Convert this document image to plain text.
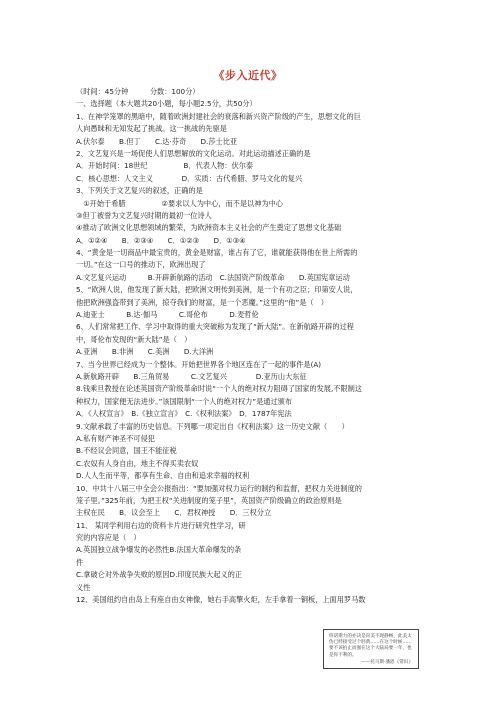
《步入近代》
（时间：45分钟　　　分数：100分）
一、选择题（本大题共20小题，每小题2.5分，共50分）
1、在神学笼罩的黑暗中，随着欧洲封建社会的衰落和新兴资产阶级的产生，思想文化的巨
人向愚昧和无知发起了挑战。这一挑战的先驱是
A.伏尔泰　　B.但丁　　C.达·芬奇　　D.莎士比亚
2、文艺复兴是一场促使人们思想解放的文化运动。对此运动描述正确的是
A．开始时间：18世纪　　　　　B．代表人物：伏尔泰
C．核心思想：人文主义　　　　D．实质：古代希腊、罗马文化的复兴
3、下列关于文艺复兴的叙述，正确的是
　①开始于希腊　　　　　②要求以人为中心，而不是以神为中心
③但丁被誉为文艺复兴时期的最初一位诗人
④推动了欧洲文化思想领域的繁荣，为欧洲资本主义社会的产生奠定了思想文化基础
A．①②④　　B．②③④　　C．①②③　　D．①③④
4、“黄金是一切商品中最宝贵的，黄金是财富，谁占有了它，谁就能获得他在世上所需的
一切。”在这一口号的推动下，欧洲出现了
A.文艺复兴运动　　　B.开辟新航路的活动　C.法国资产阶级革命　　D.英国宪章运动
5、“欧洲人说，他发现了新大陆，把欧洲文明传到美洲，是一个有功之臣；印第安人说，
他把欧洲强盗带到了美洲，掠夺我们的财富，是一个恶魔。”这里的“他”是（　）
A.迪亚士　　　B.达·伽马　　　C.哥伦布　　　D.麦哲伦
6、人们常常把工作、学习中取得的重大突破称为发现了“新大陆”。在新航路开辟的过程
中，哥伦布发现的“新大陆”是（　）
A.亚洲　　B.非洲　　C.美洲　　D.大洋洲
7、当今世界已经成为一个整体。开始把世界各个地区连在了一起的事件是(A)
A.新航路开辟　　B.三角贸易　　　C.文艺复兴　　　　D.亚历山大东征
8.钱乘旦教授在论述英国资产阶级革命时说“一个人的绝对权力阻碍了国家的发展,不限制这
种权力，国家便无法进步。”该国限制“一个人的绝对权力”是通过颁布
A．《人权宣言》　B.《独立宣言》　C.《权利法案》　D．1787年宪法
9.文献承载了丰富的历史信息。下列哪一项定出自《权利法案》这一历史文献（　　）
A.私有财产神圣不可侵犯
B.不经议会同意，国王不能征税
C.农奴有人身自由，地主不得买卖农奴
D.人人生而平等，都享有生命、自由和追求幸福的权利
10、中共十八届三中全会公报指出：“要加强对权力运行的制约和监督，把权力关进制度的
笼子里。”325年前，为把王权“关进制度的笼子里”，英国资产阶级确立的政治原则是
主权在民　　B．议会至上　　C．君权神授　　D．三权分立
11、 某同学利用右边的资料卡片进行研究性学习，研
究的内容应是（　）
A.英国独立战争爆发的必然性B.法国大革命爆发的条
件
C.拿破仑对外战争失败的原因D.印度民族大起义的正
义性
12、美国纽约自由岛上有座自由女神像，她右手高擎火炬，左手拿着一铜板，上面用罗马数
班诺斯力的亦决是向美不现静畅，此美太伪已经接受过个胚典……在这个时候……要不该拍止而强在这个大陆局要一年，也是你不利的。
——托马斯·潘恩《常识》
